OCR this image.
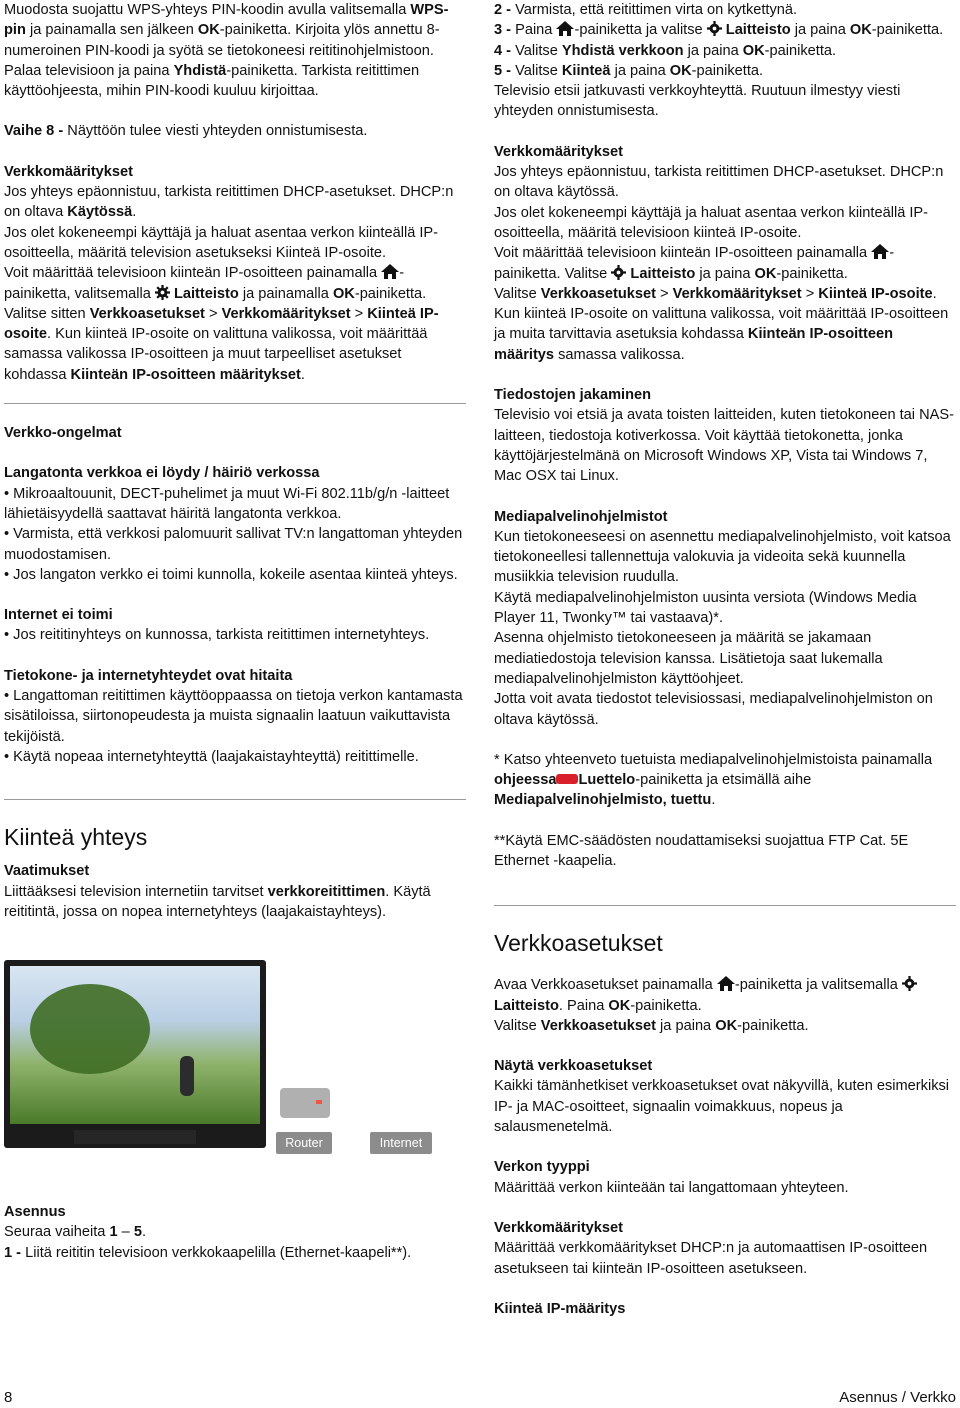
Muodosta suojattu WPS-yhteys PIN-koodin avulla valitsemalla WPS-pin ja painamalla sen jälkeen OK-painiketta. Kirjoita ylös annettu 8-numeroinen PIN-koodi ja syötä se tietokoneesi reititinohjelmistoon. Palaa televisioon ja paina Yhdistä-painiketta. Tarkista reitittimen käyttöohjeesta, mihin PIN-koodi kuuluu kirjoittaa.

Vaihe 8 - Näyttöön tulee viesti yhteyden onnistumisesta.

Verkkomääritykset

Jos yhteys epäonnistuu, tarkista reitittimen DHCP-asetukset. DHCP:n on oltava Käytössä.

Jos olet kokeneempi käyttäjä ja haluat asentaa verkon kiinteällä IP-osoitteella, määritä television asetukseksi Kiinteä IP-osoite.

Voit määrittää televisioon kiinteän IP-osoitteen painamalla -painiketta, valitsemalla  Laitteisto ja painamalla OK-painiketta. Valitse sitten Verkkoasetukset > Verkkomääritykset > Kiinteä IP-osoite. Kun kiinteä IP-osoite on valittuna valikossa, voit määrittää samassa valikossa IP-osoitteen ja muut tarpeelliset asetukset kohdassa Kiinteän IP-osoitteen määritykset.

Verkko-ongelmat

Langatonta verkkoa ei löydy / häiriö verkossa

• Mikroaaltouunit, DECT-puhelimet ja muut Wi-Fi 802.11b/g/n -laitteet lähietäisyydellä saattavat häiritä langatonta verkkoa.

• Varmista, että verkkosi palomuurit sallivat TV:n langattoman yhteyden muodostamisen.

• Jos langaton verkko ei toimi kunnolla, kokeile asentaa kiinteä yhteys.

Internet ei toimi

• Jos reititinyhteys on kunnossa, tarkista reitittimen internetyhteys.

Tietokone- ja internetyhteydet ovat hitaita

• Langattoman reitittimen käyttöoppaassa on tietoja verkon kantamasta sisätiloissa, siirtonopeudesta ja muista signaalin laatuun vaikuttavista tekijöistä.

• Käytä nopeaa internetyhteyttä (laajakaistayhteyttä) reitittimelle.

Kiinteä yhteys

Vaatimukset

Liittääksesi television internetiin tarvitset verkkoreitittimen. Käytä reititintä, jossa on nopea internetyhteys (laajakaistayhteys).

Router	Internet

Asennus

Seuraa vaiheita 1 – 5.

1 - Liitä reititin televisioon verkkokaapelilla (Ethernet-kaapeli**).

2 - Varmista, että reitittimen virta on kytkettynä.

3 - Paina -painiketta ja valitse  Laitteisto ja paina OK-painiketta.

4 - Valitse Yhdistä verkkoon ja paina OK-painiketta.

5 - Valitse Kiinteä ja paina OK-painiketta.

Televisio etsii jatkuvasti verkkoyhteyttä. Ruutuun ilmestyy viesti yhteyden onnistumisesta.

Verkkomääritykset

Jos yhteys epäonnistuu, tarkista reitittimen DHCP-asetukset. DHCP:n on oltava käytössä.

Jos olet kokeneempi käyttäjä ja haluat asentaa verkon kiinteällä IP-osoitteella, määritä televisioon kiinteä IP-osoite.

Voit määrittää televisioon kiinteän IP-osoitteen painamalla -painiketta. Valitse  Laitteisto ja paina OK-painiketta.

Valitse Verkkoasetukset > Verkkomääritykset > Kiinteä IP-osoite. Kun kiinteä IP-osoite on valittuna valikossa, voit määrittää IP-osoitteen ja muita tarvittavia asetuksia kohdassa Kiinteän IP-osoitteen määritys samassa valikossa.

Tiedostojen jakaminen

Televisio voi etsiä ja avata toisten laitteiden, kuten tietokoneen tai NAS-laitteen, tiedostoja kotiverkossa. Voit käyttää tietokonetta, jonka käyttöjärjestelmänä on Microsoft Windows XP, Vista tai Windows 7, Mac OSX tai Linux.

Mediapalvelinohjelmistot

Kun tietokoneeseesi on asennettu mediapalvelinohjelmisto, voit katsoa tietokoneellesi tallennettuja valokuvia ja videoita sekä kuunnella musiikkia television ruudulla.

Käytä mediapalvelinohjelmiston uusinta versiota (Windows Media Player 11, Twonky™ tai vastaava)*.

Asenna ohjelmisto tietokoneeseen ja määritä se jakamaan mediatiedostoja television kanssa. Lisätietoja saat lukemalla mediapalvelinohjelmiston käyttöohjeet.

Jotta voit avata tiedostot televisiossasi, mediapalvelinohjelmiston on oltava käytössä.

* Katso yhteenveto tuetuista mediapalvelinohjelmistoista painamalla ohjeessa Luettelo-painiketta ja etsimällä aihe Mediapalvelinohjelmisto, tuettu.

**Käytä EMC-säädösten noudattamiseksi suojattua FTP Cat. 5E Ethernet -kaapelia.

Verkkoasetukset

Avaa Verkkoasetukset painamalla -painiketta ja valitsemalla  Laitteisto. Paina OK-painiketta.

Valitse Verkkoasetukset ja paina OK-painiketta.

Näytä verkkoasetukset

Kaikki tämänhetkiset verkkoasetukset ovat näkyvillä, kuten esimerkiksi IP- ja MAC-osoitteet, signaalin voimakkuus, nopeus ja salausmenetelmä.

Verkon tyyppi

Määrittää verkon kiinteään tai langattomaan yhteyteen.

Verkkomääritykset

Määrittää verkkomääritykset DHCP:n ja automaattisen IP-osoitteen asetukseen tai kiinteän IP-osoitteen asetukseen.

Kiinteä IP-määritys

8	Asennus / Verkko
